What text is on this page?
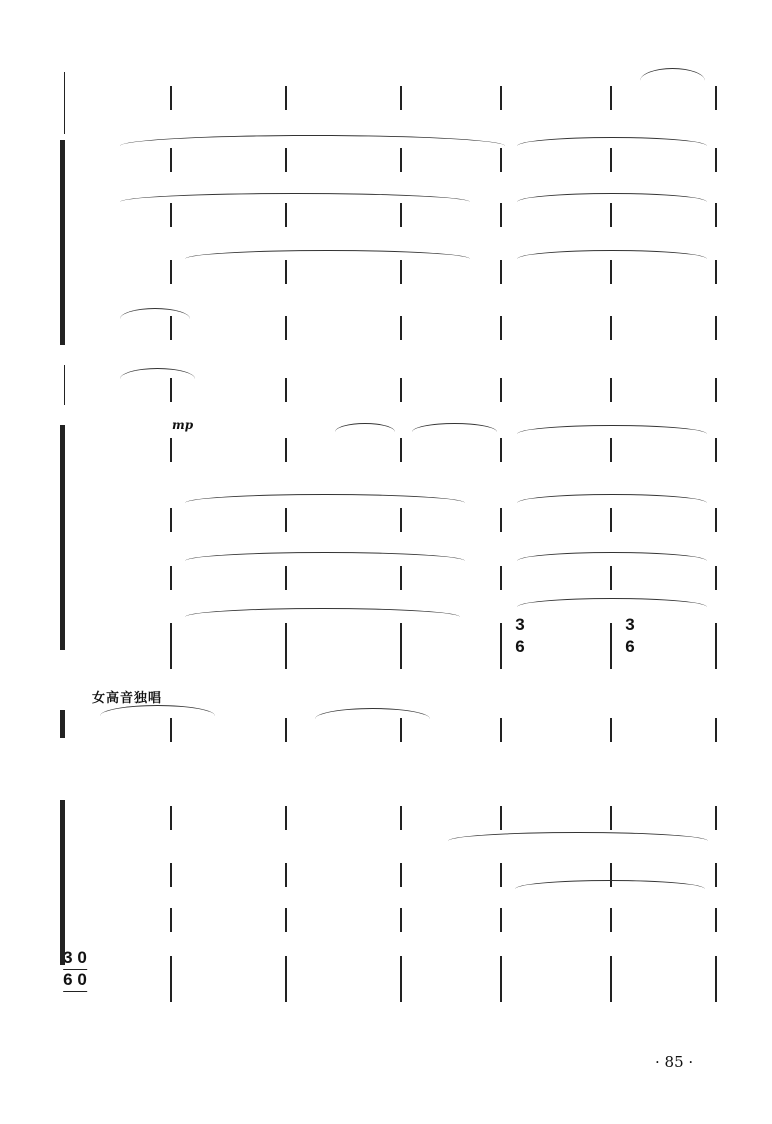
· 85 ·
女高音独唱
mp
3
6
3
6
3 0
6 0
